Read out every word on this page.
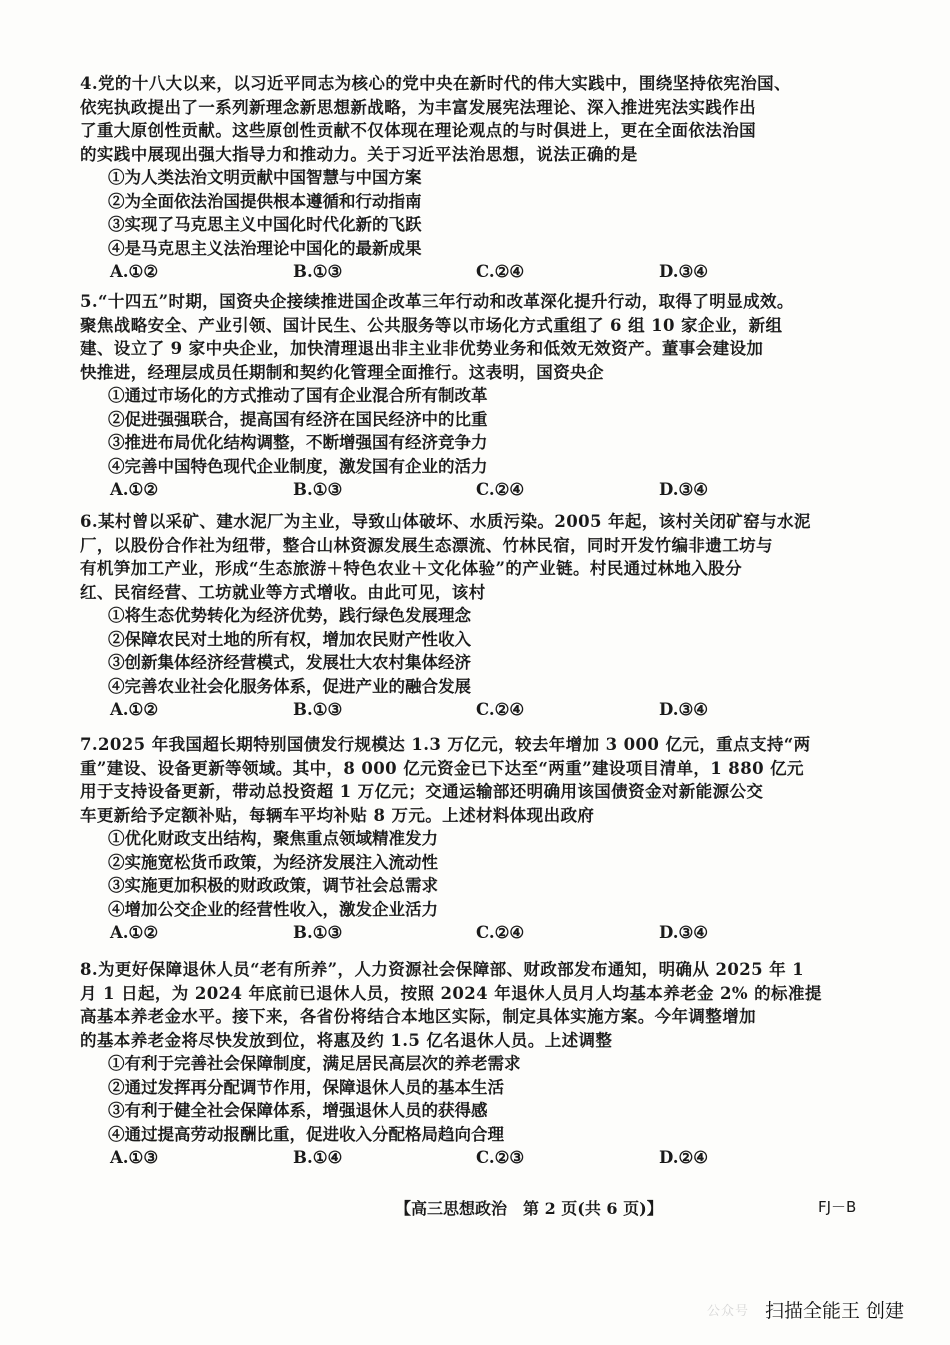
4.党的十八大以来，以习近平同志为核心的党中央在新时代的伟大实践中，围绕坚持依宪治国、
依宪执政提出了一系列新理念新思想新战略，为丰富发展宪法理论、深入推进宪法实践作出
了重大原创性贡献。这些原创性贡献不仅体现在理论观点的与时俱进上，更在全面依法治国
的实践中展现出强大指导力和推动力。关于习近平法治思想，说法正确的是
①为人类法治文明贡献中国智慧与中国方案
②为全面依法治国提供根本遵循和行动指南
③实现了马克思主义中国化时代化新的飞跃
④是马克思主义法治理论中国化的最新成果
A.①②	B.①③	C.②④	D.③④
5.“十四五”时期，国资央企接续推进国企改革三年行动和改革深化提升行动，取得了明显成效。
聚焦战略安全、产业引领、国计民生、公共服务等以市场化方式重组了 6 组 10 家企业，新组
建、设立了 9 家中央企业，加快清理退出非主业非优势业务和低效无效资产。董事会建设加
快推进，经理层成员任期制和契约化管理全面推行。这表明，国资央企
①通过市场化的方式推动了国有企业混合所有制改革
②促进强强联合，提高国有经济在国民经济中的比重
③推进布局优化结构调整，不断增强国有经济竞争力
④完善中国特色现代企业制度，激发国有企业的活力
A.①②	B.①③	C.②④	D.③④
6.某村曾以采矿、建水泥厂为主业，导致山体破坏、水质污染。2005 年起，该村关闭矿窑与水泥
厂，以股份合作社为纽带，整合山林资源发展生态漂流、竹林民宿，同时开发竹编非遗工坊与
有机笋加工产业，形成“生态旅游＋特色农业＋文化体验”的产业链。村民通过林地入股分
红、民宿经营、工坊就业等方式增收。由此可见，该村
①将生态优势转化为经济优势，践行绿色发展理念
②保障农民对土地的所有权，增加农民财产性收入
③创新集体经济经营模式，发展壮大农村集体经济
④完善农业社会化服务体系，促进产业的融合发展
A.①②	B.①③	C.②④	D.③④
7.2025 年我国超长期特别国债发行规模达 1.3 万亿元，较去年增加 3 000 亿元，重点支持“两
重”建设、设备更新等领域。其中，8 000 亿元资金已下达至“两重”建设项目清单，1 880 亿元
用于支持设备更新，带动总投资超 1 万亿元；交通运输部还明确用该国债资金对新能源公交
车更新给予定额补贴，每辆车平均补贴 8 万元。上述材料体现出政府
①优化财政支出结构，聚焦重点领域精准发力
②实施宽松货币政策，为经济发展注入流动性
③实施更加积极的财政政策，调节社会总需求
④增加公交企业的经营性收入，激发企业活力
A.①②	B.①③	C.②④	D.③④
8.为更好保障退休人员“老有所养”，人力资源社会保障部、财政部发布通知，明确从 2025 年 1
月 1 日起，为 2024 年底前已退休人员，按照 2024 年退休人员月人均基本养老金 2% 的标准提
高基本养老金水平。接下来，各省份将结合本地区实际，制定具体实施方案。今年调整增加
的基本养老金将尽快发放到位，将惠及约 1.5 亿名退休人员。上述调整
①有利于完善社会保障制度，满足居民高层次的养老需求
②通过发挥再分配调节作用，保障退休人员的基本生活
③有利于健全社会保障体系，增强退休人员的获得感
④通过提高劳动报酬比重，促进收入分配格局趋向合理
A.①③	B.①④	C.②③	D.②④
【高三思想政治　第 2 页(共 6 页)】	FJ－B
公众号 扫描全能王 创建
